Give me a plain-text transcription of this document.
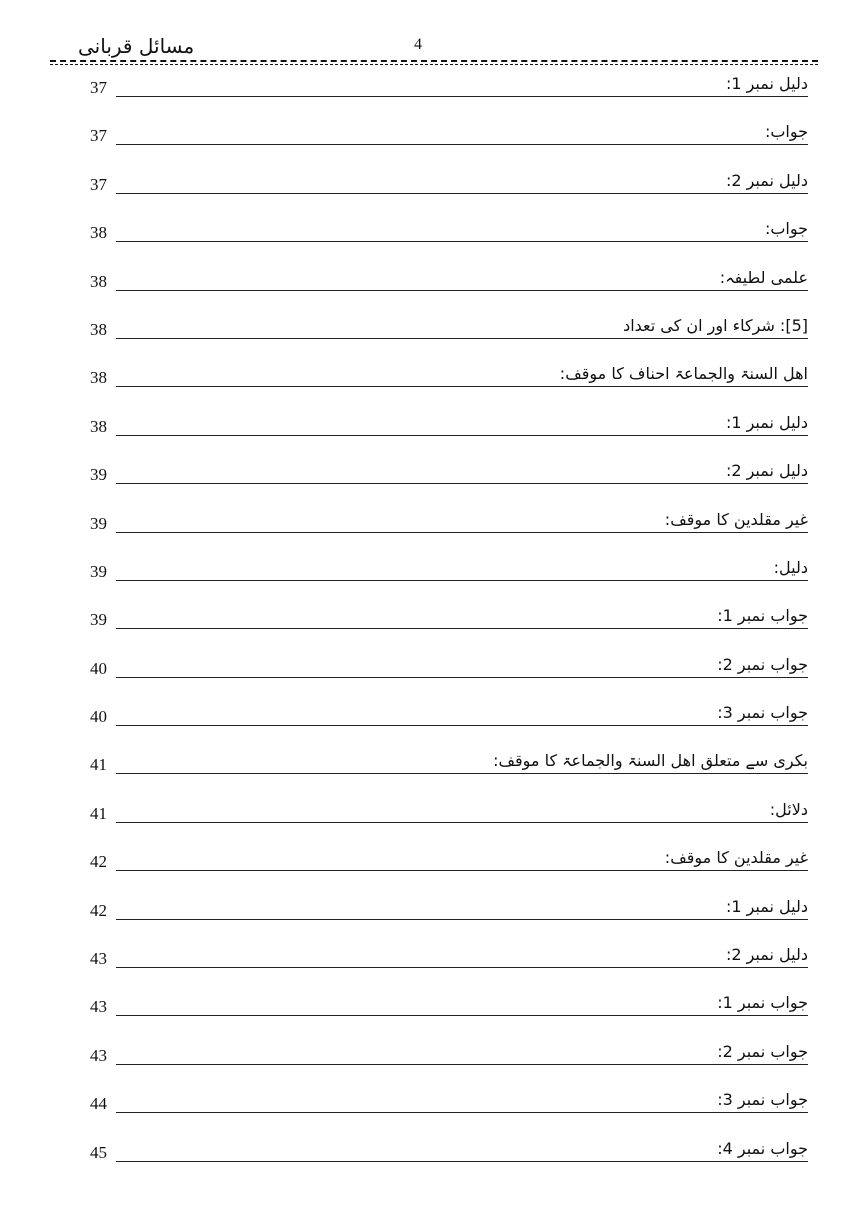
مسائل قربانی	4
37	دلیل نمبر 1:
37	جواب:
37	دلیل نمبر 2:
38	جواب:
38	علمی لطیفہ:
38	[5]: شرکاء اور ان کی تعداد
38	اھل السنۃ والجماعۃ احناف کا موقف:
38	دلیل نمبر 1:
39	دلیل نمبر 2:
39	غیر مقلدین کا موقف:
39	دلیل:
39	جواب نمبر 1:
40	جواب نمبر 2:
40	جواب نمبر 3:
41	بکری سے متعلق اھل السنۃ والجماعۃ کا موقف:
41	دلائل:
42	غیر مقلدین کا موقف:
42	دلیل نمبر 1:
43	دلیل نمبر 2:
43	جواب نمبر 1:
43	جواب نمبر 2:
44	جواب نمبر 3:
45	جواب نمبر 4:
